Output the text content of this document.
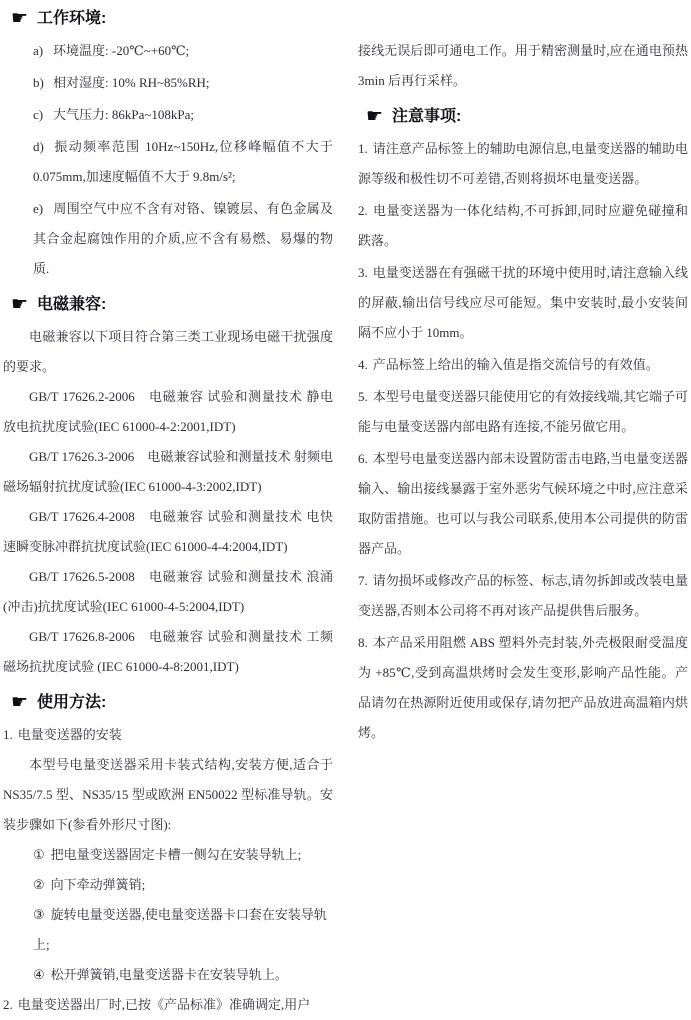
☛ 工作环境:

a) 环境温度: -20℃~+60℃;

b) 相对湿度: 10% RH~85%RH;

c) 大气压力: 86kPa~108kPa;

d) 振动频率范围 10Hz~150Hz,位移峰幅值不大于 0.075mm,加速度幅值不大于 9.8m/s²;

e) 周围空气中应不含有对铬、镍镀层、有色金属及其合金起腐蚀作用的介质,应不含有易燃、易爆的物质.

☛ 电磁兼容:

电磁兼容以下项目符合第三类工业现场电磁干扰强度的要求。

GB/T 17626.2-2006　电磁兼容 试验和测量技术 静电放电抗扰度试验(IEC 61000-4-2:2001,IDT)

GB/T 17626.3-2006　电磁兼容试验和测量技术 射频电磁场辐射抗扰度试验(IEC 61000-4-3:2002,IDT)

GB/T 17626.4-2008　电磁兼容 试验和测量技术 电快速瞬变脉冲群抗扰度试验(IEC 61000-4-4:2004,IDT)

GB/T 17626.5-2008　电磁兼容 试验和测量技术 浪涌(冲击)抗扰度试验(IEC 61000-4-5:2004,IDT)

GB/T 17626.8-2006　电磁兼容 试验和测量技术 工频磁场抗扰度试验 (IEC 61000-4-8:2001,IDT)

☛ 使用方法:

1. 电量变送器的安装

本型号电量变送器采用卡装式结构,安装方便,适合于 NS35/7.5 型、NS35/15 型或欧洲 EN50022 型标准导轨。安装步骤如下(参看外形尺寸图):

① 把电量变送器固定卡槽一侧勾在安装导轨上;

② 向下牵动弹簧销;

③ 旋转电量变送器,使电量变送器卡口套在安装导轨上;

④ 松开弹簧销,电量变送器卡在安装导轨上。

2. 电量变送器出厂时,已按《产品标准》准确调定,用户

接线无误后即可通电工作。用于精密测量时,应在通电预热 3min 后再行采样。

☛ 注意事项:

1. 请注意产品标签上的辅助电源信息,电量变送器的辅助电源等级和极性切不可差错,否则将损坏电量变送器。

2. 电量变送器为一体化结构,不可拆卸,同时应避免碰撞和跌落。

3. 电量变送器在有强磁干扰的环境中使用时,请注意输入线的屏蔽,输出信号线应尽可能短。集中安装时,最小安装间隔不应小于 10mm。

4. 产品标签上给出的输入值是指交流信号的有效值。

5. 本型号电量变送器只能使用它的有效接线端,其它端子可能与电量变送器内部电路有连接,不能另做它用。

6. 本型号电量变送器内部未设置防雷击电路,当电量变送器输入、输出接线暴露于室外恶劣气候环境之中时,应注意采取防雷措施。也可以与我公司联系,使用本公司提供的防雷器产品。

7. 请勿损坏或修改产品的标签、标志,请勿拆卸或改装电量变送器,否则本公司将不再对该产品提供售后服务。

8. 本产品采用阻燃 ABS 塑料外壳封装,外壳极限耐受温度为 +85℃,受到高温烘烤时会发生变形,影响产品性能。产品请勿在热源附近使用或保存,请勿把产品放进高温箱内烘烤。
